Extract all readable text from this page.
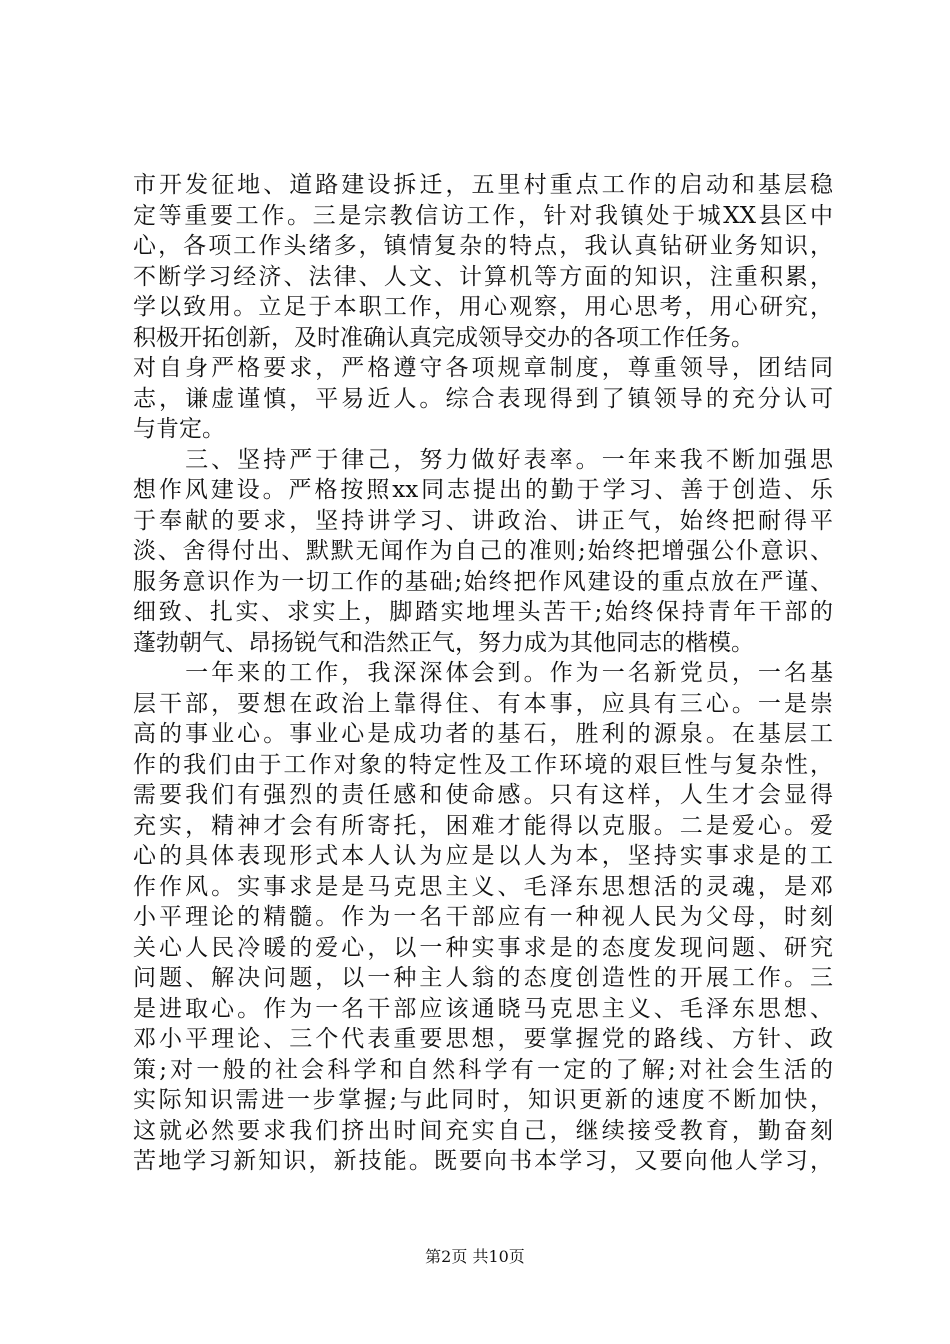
市开发征地、道路建设拆迁，五里村重点工作的启动和基层稳
定等重要工作。三是宗教信访工作，针对我镇处于城XX县区中
心，各项工作头绪多，镇情复杂的特点，我认真钻研业务知识，
不断学习经济、法律、人文、计算机等方面的知识，注重积累，
学以致用。立足于本职工作，用心观察，用心思考，用心研究，
积极开拓创新，及时准确认真完成领导交办的各项工作任务。
对自身严格要求，严格遵守各项规章制度，尊重领导，团结同
志，谦虚谨慎，平易近人。综合表现得到了镇领导的充分认可
与肯定。
　　三、坚持严于律己，努力做好表率。一年来我不断加强思
想作风建设。严格按照xx同志提出的勤于学习、善于创造、乐
于奉献的要求，坚持讲学习、讲政治、讲正气，始终把耐得平
淡、舍得付出、默默无闻作为自己的准则;始终把增强公仆意识、
服务意识作为一切工作的基础;始终把作风建设的重点放在严谨、
细致、扎实、求实上，脚踏实地埋头苦干;始终保持青年干部的
蓬勃朝气、昂扬锐气和浩然正气，努力成为其他同志的楷模。
　　一年来的工作，我深深体会到。作为一名新党员，一名基
层干部，要想在政治上靠得住、有本事，应具有三心。一是崇
高的事业心。事业心是成功者的基石，胜利的源泉。在基层工
作的我们由于工作对象的特定性及工作环境的艰巨性与复杂性，
需要我们有强烈的责任感和使命感。只有这样，人生才会显得
充实，精神才会有所寄托，困难才能得以克服。二是爱心。爱
心的具体表现形式本人认为应是以人为本，坚持实事求是的工
作作风。实事求是是马克思主义、毛泽东思想活的灵魂，是邓
小平理论的精髓。作为一名干部应有一种视人民为父母，时刻
关心人民冷暖的爱心，以一种实事求是的态度发现问题、研究
问题、解决问题，以一种主人翁的态度创造性的开展工作。三
是进取心。作为一名干部应该通晓马克思主义、毛泽东思想、
邓小平理论、三个代表重要思想，要掌握党的路线、方针、政
策;对一般的社会科学和自然科学有一定的了解;对社会生活的
实际知识需进一步掌握;与此同时，知识更新的速度不断加快，
这就必然要求我们挤出时间充实自己，继续接受教育，勤奋刻
苦地学习新知识，新技能。既要向书本学习，又要向他人学习，
第2页 共10页
